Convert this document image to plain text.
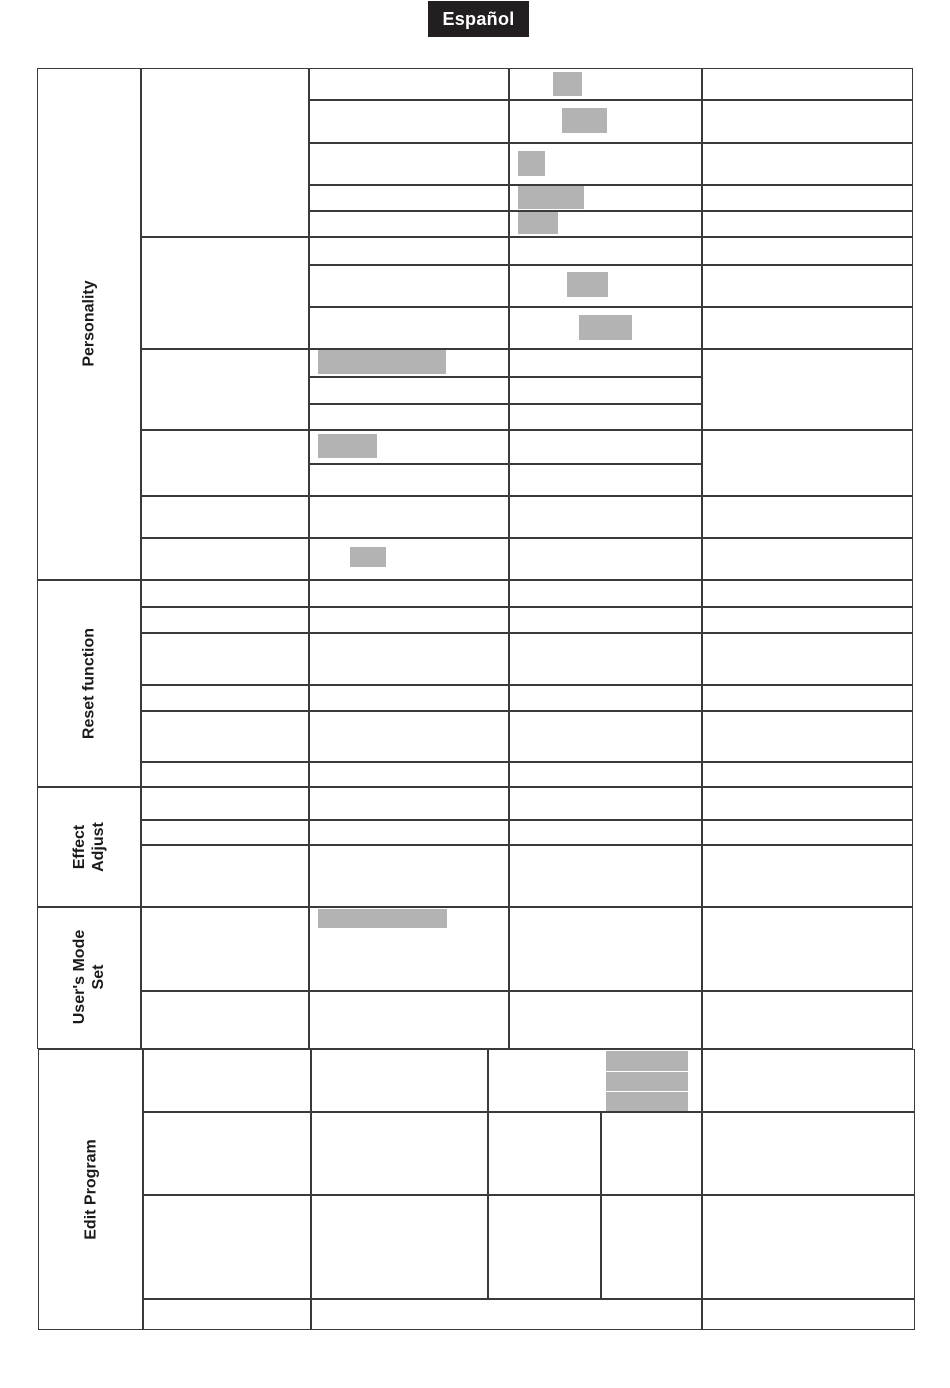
Español
Personality
Reset function
Effect
Adjust
User's Mode
Set
Edit Program
